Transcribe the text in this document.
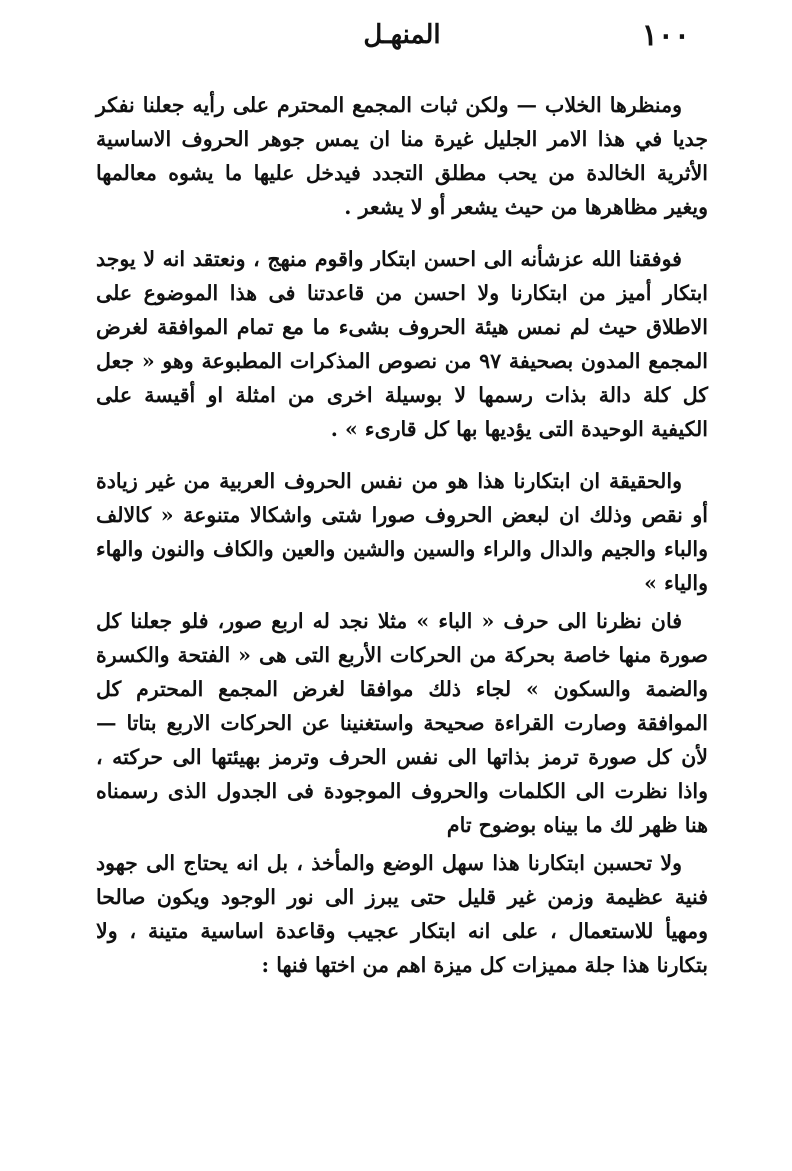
١٠٠
المنهـل

ومنظرها الخلاب — ولكن ثبات المجمع المحترم على رأيه جعلنا نفكر جديا في هذا الامر الجليل غيرة منا ان يمس جوهر الحروف الاساسية الأثرية الخالدة من يحب مطلق التجدد فيدخل عليها ما يشوه معالمها ويغير مظاهرها من حيث يشعر أو لا يشعر .

فوفقنا الله عزشأنه الى احسن ابتكار واقوم منهج ، ونعتقد انه لا يوجد ابتكار أميز من ابتكارنا ولا احسن من قاعدتنا فى هذا الموضوع على الاطلاق حيث لم نمس هيئة الحروف بشىء ما مع تمام الموافقة لغرض المجمع المدون بصحيفة ٩٧ من نصوص المذكرات المطبوعة وهو « جعل كل كلة دالة بذات رسمها لا بوسيلة اخرى من امثلة او أقيسة على الكيفية الوحيدة التى يؤديها بها كل قارىء » .

والحقيقة ان ابتكارنا هذا هو من نفس الحروف العربية من غير زيادة أو نقص وذلك ان لبعض الحروف صورا شتى واشكالا متنوعة « كالالف والباء والجيم والدال والراء والسين والشين والعين والكاف والنون والهاء والياء »

فان نظرنا الى حرف « الباء » مثلا نجد له اربع صور، فلو جعلنا كل صورة منها خاصة بحركة من الحركات الأربع التى هى « الفتحة والكسرة والضمة والسكون » لجاء ذلك موافقا لغرض المجمع المحترم كل الموافقة وصارت القراءة صحيحة واستغنينا عن الحركات الاربع بتاتا — لأن كل صورة ترمز بذاتها الى نفس الحرف وترمز بهيئتها الى حركته ، واذا نظرت الى الكلمات والحروف الموجودة فى الجدول الذى رسمناه هنا ظهر لك ما بيناه بوضوح تام

ولا تحسبن ابتكارنا هذا سهل الوضع والمأخذ ، بل انه يحتاج الى جهود فنية عظيمة وزمن غير قليل حتى يبرز الى نور الوجود ويكون صالحا ومهيأ للاستعمال ، على انه ابتكار عجيب وقاعدة اساسية متينة ، ولا بتكارنا هذا جلة مميزات كل ميزة اهم من اختها فنها :
